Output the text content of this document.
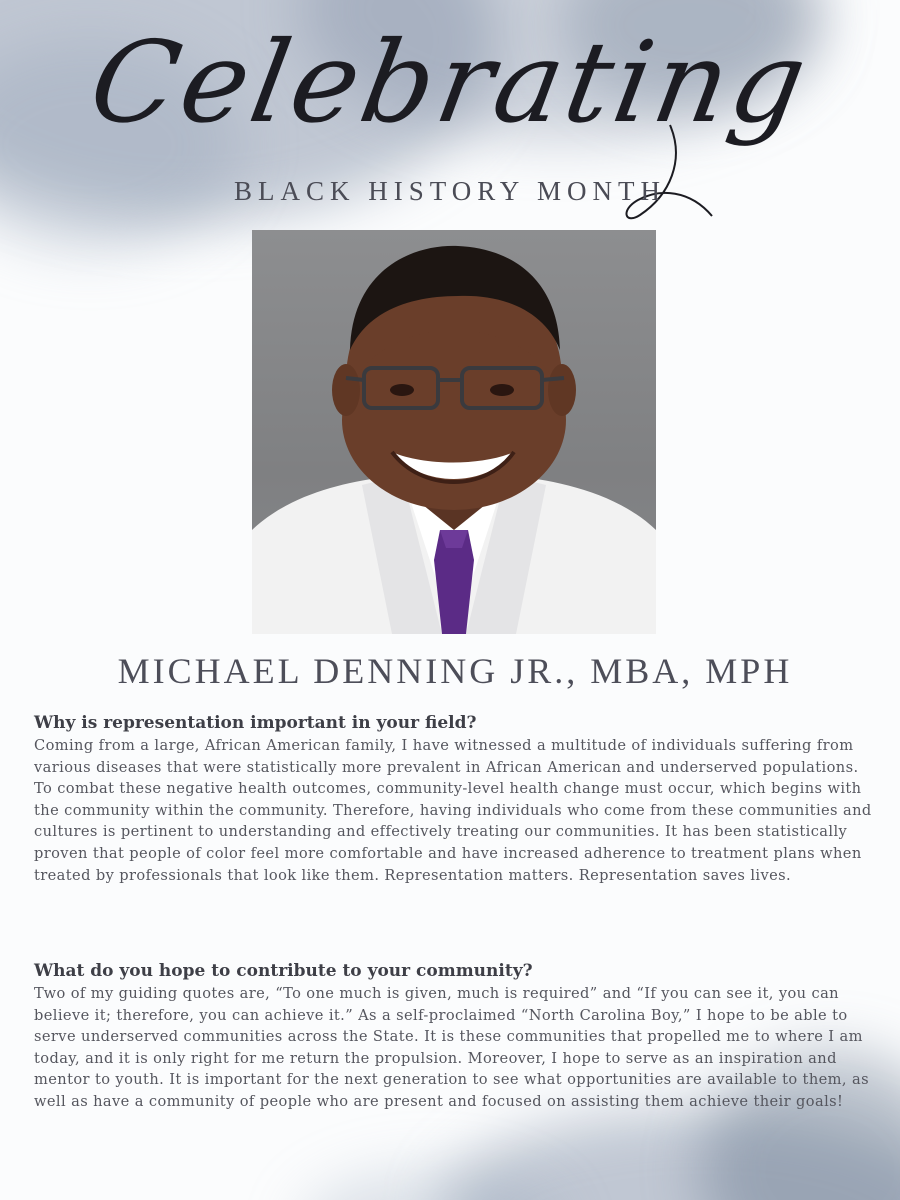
Celebrating
BLACK HISTORY MONTH
MICHAEL DENNING JR., MBA, MPH
Why is representation important in your field?

Coming from a large, African American family, I have witnessed a multitude of individuals suffering from various diseases that were statistically more prevalent in African American and underserved populations. To combat these negative health outcomes, community-level health change must occur, which begins with the community within the community. Therefore, having individuals who come from these communities and cultures is pertinent to understanding and effectively treating our communities. It has been statistically proven that people of color feel more comfortable and have increased adherence to treatment plans when treated by professionals that look like them. Representation matters. Representation saves lives.

What do you hope to contribute to your community?

Two of my guiding quotes are, “To one much is given, much is required” and “If you can see it, you can believe it; therefore, you can achieve it.” As a self-proclaimed “North Carolina Boy,” I hope to be able to serve underserved communities across the State. It is these communities that propelled me to where I am today, and it is only right for me return the propulsion. Moreover, I hope to serve as an inspiration and mentor to youth. It is important for the next generation to see what opportunities are available to them, as well as have a community of people who are present and focused on assisting them achieve their goals!
